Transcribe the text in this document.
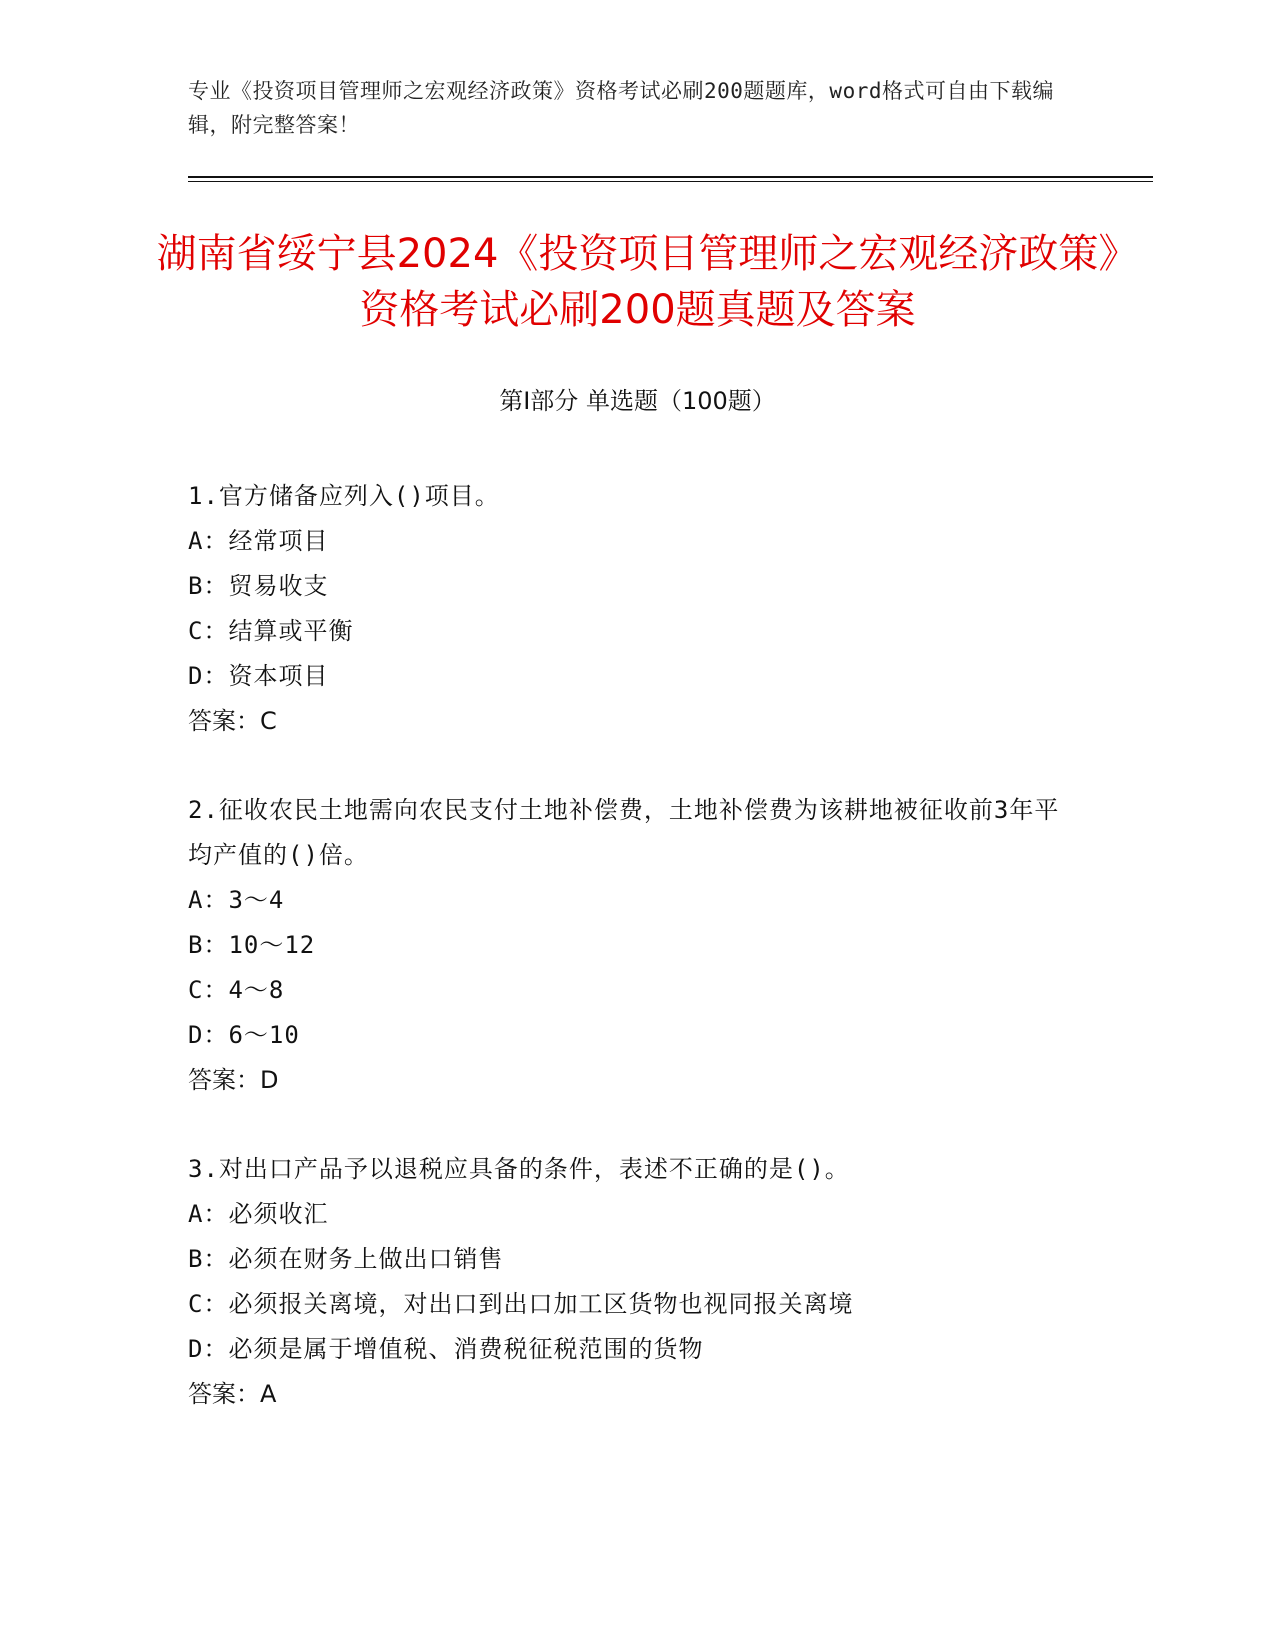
专业《投资项目管理师之宏观经济政策》资格考试必刷200题题库，word格式可自由下载编辑，附完整答案！
湖南省绥宁县2024《投资项目管理师之宏观经济政策》资格考试必刷200题真题及答案
第Ⅰ部分 单选题（100题）
1.官方储备应列入()项目。
A：经常项目
B：贸易收支
C：结算或平衡
D：资本项目
答案：C
2.征收农民土地需向农民支付土地补偿费，土地补偿费为该耕地被征收前3年平均产值的()倍。
A：3～4
B：10～12
C：4～8
D：6～10
答案：D
3.对出口产品予以退税应具备的条件，表述不正确的是()。
A：必须收汇
B：必须在财务上做出口销售
C：必须报关离境，对出口到出口加工区货物也视同报关离境
D：必须是属于增值税、消费税征税范围的货物
答案：A
